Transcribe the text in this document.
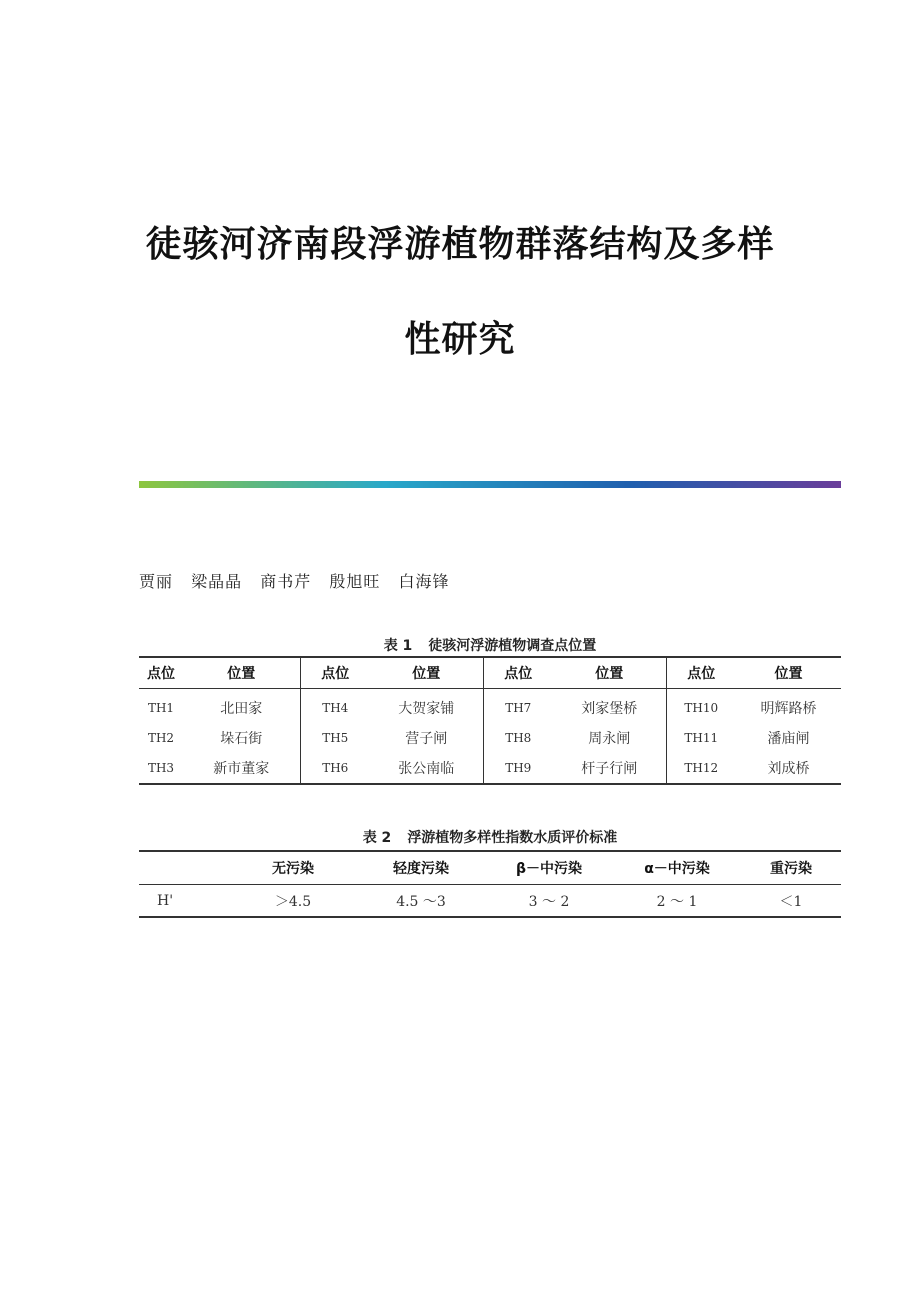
徒骇河济南段浮游植物群落结构及多样
性研究
贾丽 梁晶晶 商书芹 殷旭旺 白海锋
表 1 徒骇河浮游植物调查点位置
点位	位置	点位	位置	点位	位置	点位	位置
TH1	北田家	TH4	大贺家铺	TH7	刘家堡桥	TH10	明辉路桥
TH2	垛石街	TH5	营子闸	TH8	周永闸	TH11	潘庙闸
TH3	新市董家	TH6	张公南临	TH9	杆子行闸	TH12	刘成桥
表 2 浮游植物多样性指数水质评价标准
	无污染	轻度污染	β－中污染	α－中污染	重污染
H'	＞4.5	4.5 ～3	3 ～ 2	2 ～ 1	＜1
